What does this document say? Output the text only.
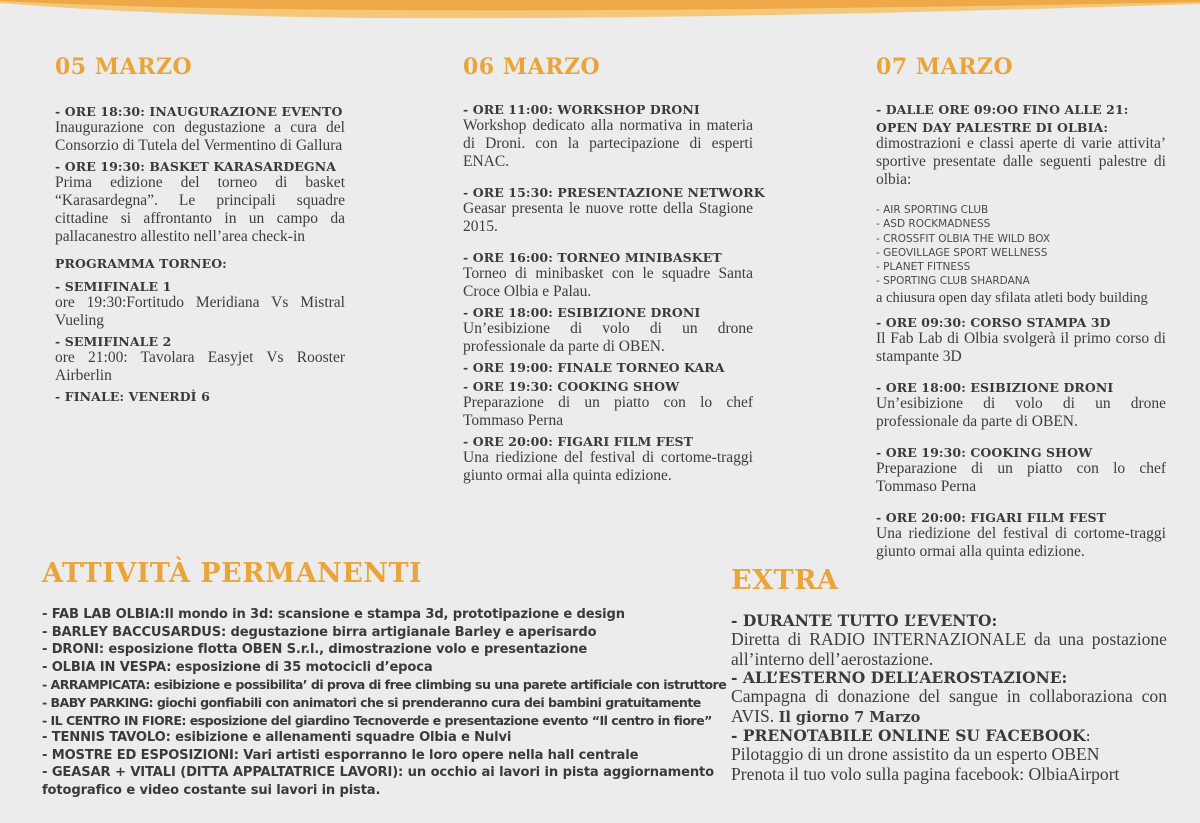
05 MARZO
- ORE 18:30: INAUGURAZIONE EVENTO
Inaugurazione con degustazione a cura del Consorzio di Tutela del Vermentino di Gallura
- ORE 19:30: BASKET KARASARDEGNA
Prima edizione del torneo di basket “Karasardegna”. Le principali squadre cittadine si affrontanto in un campo da pallacanestro allestito nell’area check-in
PROGRAMMA TORNEO:
- SEMIFINALE 1
ore 19:30:Fortitudo Meridiana Vs Mistral Vueling
- SEMIFINALE 2
ore 21:00: Tavolara Easyjet Vs Rooster Airberlin
- FINALE: VENERDÌ 6
06 MARZO
- ORE 11:00: WORKSHOP DRONI
Workshop dedicato alla normativa in materia di Droni. con la partecipazione di esperti ENAC.
- ORE 15:30: PRESENTAZIONE NETWORK
Geasar presenta le nuove rotte della Stagione 2015.
- ORE 16:00: TORNEO MINIBASKET
Torneo di minibasket con le squadre Santa Croce Olbia e Palau.
- ORE 18:00: ESIBIZIONE DRONI
Un’esibizione di volo di un drone professionale da parte di OBEN.
- ORE 19:00: FINALE TORNEO KARA
- ORE 19:30: COOKING SHOW
Preparazione di un piatto con lo chef Tommaso Perna
- ORE 20:00: FIGARI FILM FEST
Una riedizione del festival di cortome-traggi giunto ormai alla quinta edizione.
07 MARZO
- DALLE ORE 09:OO FINO ALLE 21:
OPEN DAY PALESTRE DI OLBIA:
dimostrazioni e classi aperte di varie attivita’ sportive presentate dalle seguenti palestre di olbia:
- AIR SPORTING CLUB
- ASD ROCKMADNESS
- CROSSFIT OLBIA THE WILD BOX
- GEOVILLAGE SPORT WELLNESS
- PLANET FITNESS
- SPORTING CLUB SHARDANA
a chiusura open day sfilata atleti body building
- ORE 09:30: CORSO STAMPA 3D
Il Fab Lab di Olbia svolgerà il primo corso di stampante 3D
- ORE 18:00: ESIBIZIONE DRONI
Un’esibizione di volo di un drone professionale da parte di OBEN.
- ORE 19:30: COOKING SHOW
Preparazione di un piatto con lo chef Tommaso Perna
- ORE 20:00: FIGARI FILM FEST
Una riedizione del festival di cortome-traggi giunto ormai alla quinta edizione.
ATTIVITÀ PERMANENTI
- FAB LAB OLBIA:Il mondo in 3d: scansione e stampa 3d, prototipazione e design
- BARLEY BACCUSARDUS: degustazione birra artigianale Barley e aperisardo
- DRONI: esposizione flotta OBEN S.r.l., dimostrazione volo e presentazione
- OLBIA IN VESPA: esposizione di 35 motocicli d’epoca
- ARRAMPICATA: esibizione e possibilita’ di prova di free climbing su una parete artificiale con istruttore
- BABY PARKING: giochi gonfiabili con animatori che si prenderanno cura dei bambini gratuitamente
- IL CENTRO IN FIORE: esposizione del giardino Tecnoverde e presentazione evento “Il centro in fiore”
- TENNIS TAVOLO: esibizione e allenamenti squadre Olbia e Nulvi
- MOSTRE ED ESPOSIZIONI: Vari artisti esporranno le loro opere nella hall centrale
- GEASAR + VITALI (DITTA APPALTATRICE LAVORI): un occhio ai lavori in pista aggiornamento fotografico e video costante sui lavori in pista.
EXTRA
- DURANTE TUTTO L’EVENTO:
Diretta di RADIO INTERNAZIONALE da una postazione all’interno dell’aerostazione.
- ALL’ESTERNO DELL’AEROSTAZIONE:
Campagna di donazione del sangue in collaboraziona con AVIS. Il giorno 7 Marzo
- PRENOTABILE ONLINE SU FACEBOOK:
Pilotaggio di un drone assistito da un esperto OBEN
Prenota il tuo volo sulla pagina facebook: OlbiaAirport
